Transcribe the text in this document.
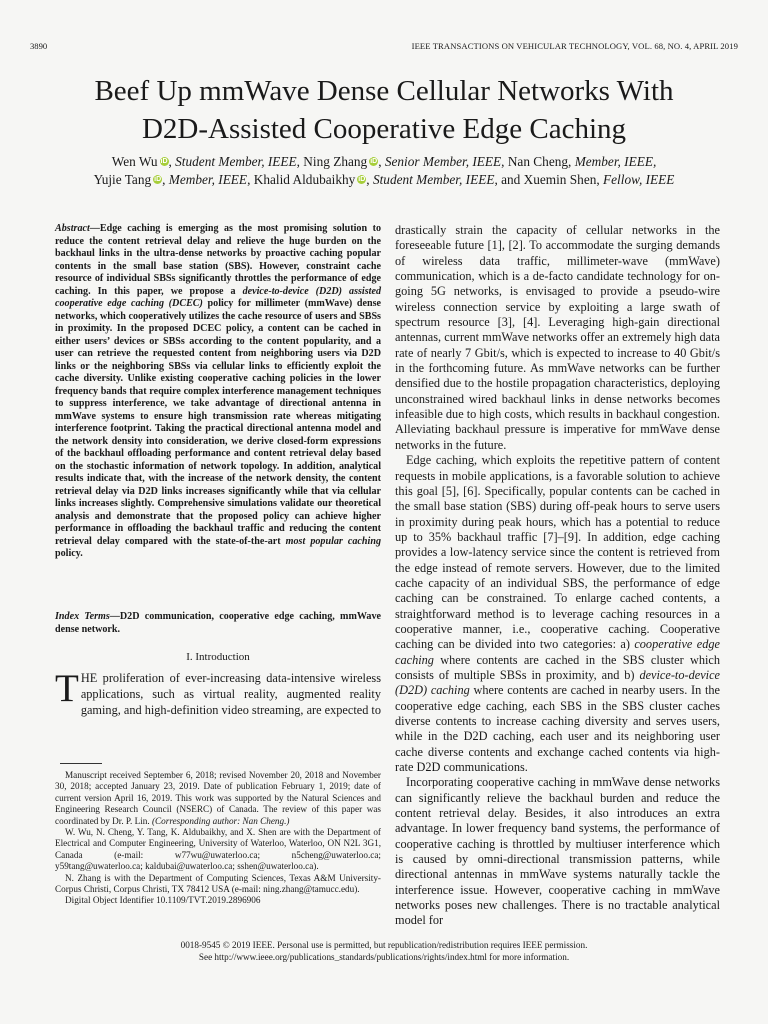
3890	IEEE TRANSACTIONS ON VEHICULAR TECHNOLOGY, VOL. 68, NO. 4, APRIL 2019
Beef Up mmWave Dense Cellular Networks With
D2D-Assisted Cooperative Edge Caching
Wen Wu iD, Student Member, IEEE, Ning Zhang iD, Senior Member, IEEE, Nan Cheng, Member, IEEE,
Yujie Tang iD, Member, IEEE, Khalid Aldubaikhy iD, Student Member, IEEE, and Xuemin Shen, Fellow, IEEE

Abstract—Edge caching is emerging as the most promising solution to reduce the content retrieval delay and relieve the huge burden on the backhaul links in the ultra-dense networks by proactive caching popular contents in the small base station (SBS). However, constraint cache resource of individual SBSs significantly throttles the performance of edge caching. In this paper, we propose a device-to-device (D2D) assisted cooperative edge caching (DCEC) policy for millimeter (mmWave) dense networks, which cooperatively utilizes the cache resource of users and SBSs in proximity. In the proposed DCEC policy, a content can be cached in either users’ devices or SBSs according to the content popularity, and a user can retrieve the requested content from neighboring users via D2D links or the neighboring SBSs via cellular links to efficiently exploit the cache diversity. Unlike existing cooperative caching policies in the lower frequency bands that require complex interference management techniques to suppress interference, we take advantage of directional antenna in mmWave systems to ensure high transmission rate whereas mitigating interference footprint. Taking the practical directional antenna model and the network density into consideration, we derive closed-form expressions of the backhaul offloading performance and content retrieval delay based on the stochastic information of network topology. In addition, analytical results indicate that, with the increase of the network density, the content retrieval delay via D2D links increases significantly while that via cellular links increases slightly. Comprehensive simulations validate our theoretical analysis and demonstrate that the proposed policy can achieve higher performance in offloading the backhaul traffic and reducing the content retrieval delay compared with the state-of-the-art most popular caching policy.

Index Terms—D2D communication, cooperative edge caching, mmWave dense network.

I. Introduction

THE proliferation of ever-increasing data-intensive wireless applications, such as virtual reality, augmented reality gaming, and high-definition video streaming, are expected to

Manuscript received September 6, 2018; revised November 20, 2018 and November 30, 2018; accepted January 23, 2019. Date of publication February 1, 2019; date of current version April 16, 2019. This work was supported by the Natural Sciences and Engineering Research Council (NSERC) of Canada. The review of this paper was coordinated by Dr. P. Lin. (Corresponding author: Nan Cheng.)

W. Wu, N. Cheng, Y. Tang, K. Aldubaikhy, and X. Shen are with the Department of Electrical and Computer Engineering, University of Waterloo, Waterloo, ON N2L 3G1, Canada (e-mail: w77wu@uwaterloo.ca; n5cheng@uwaterloo.ca; y59tang@uwaterloo.ca; kaldubai@uwaterloo.ca; sshen@uwaterloo.ca).

N. Zhang is with the Department of Computing Sciences, Texas A&M University-Corpus Christi, Corpus Christi, TX 78412 USA (e-mail: ning.zhang@tamucc.edu).

Digital Object Identifier 10.1109/TVT.2019.2896906

drastically strain the capacity of cellular networks in the foreseeable future [1], [2]. To accommodate the surging demands of wireless data traffic, millimeter-wave (mmWave) communication, which is a de-facto candidate technology for on-going 5G networks, is envisaged to provide a pseudo-wire wireless connection service by exploiting a large swath of spectrum resource [3], [4]. Leveraging high-gain directional antennas, current mmWave networks offer an extremely high data rate of nearly 7 Gbit/s, which is expected to increase to 40 Gbit/s in the forthcoming future. As mmWave networks can be further densified due to the hostile propagation characteristics, deploying unconstrained wired backhaul links in dense networks becomes infeasible due to high costs, which results in backhaul congestion. Alleviating backhaul pressure is imperative for mmWave dense networks in the future.

Edge caching, which exploits the repetitive pattern of content requests in mobile applications, is a favorable solution to achieve this goal [5], [6]. Specifically, popular contents can be cached in the small base station (SBS) during off-peak hours to serve users in proximity during peak hours, which has a potential to reduce up to 35% backhaul traffic [7]–[9]. In addition, edge caching provides a low-latency service since the content is retrieved from the edge instead of remote servers. However, due to the limited cache capacity of an individual SBS, the performance of edge caching can be constrained. To enlarge cached contents, a straightforward method is to leverage caching resources in a cooperative manner, i.e., cooperative caching. Cooperative caching can be divided into two categories: a) cooperative edge caching where contents are cached in the SBS cluster which consists of multiple SBSs in proximity, and b) device-to-device (D2D) caching where contents are cached in nearby users. In the cooperative edge caching, each SBS in the SBS cluster caches diverse contents to increase caching diversity and serves users, while in the D2D caching, each user and its neighboring user cache diverse contents and exchange cached contents via high-rate D2D communications.

Incorporating cooperative caching in mmWave dense networks can significantly relieve the backhaul burden and reduce the content retrieval delay. Besides, it also introduces an extra advantage. In lower frequency band systems, the performance of cooperative caching is throttled by multiuser interference which is caused by omni-directional transmission patterns, while directional antennas in mmWave systems naturally tackle the interference issue. However, cooperative caching in mmWave networks poses new challenges. There is no tractable analytical model for

0018-9545 © 2019 IEEE. Personal use is permitted, but republication/redistribution requires IEEE permission.
See http://www.ieee.org/publications_standards/publications/rights/index.html for more information.
